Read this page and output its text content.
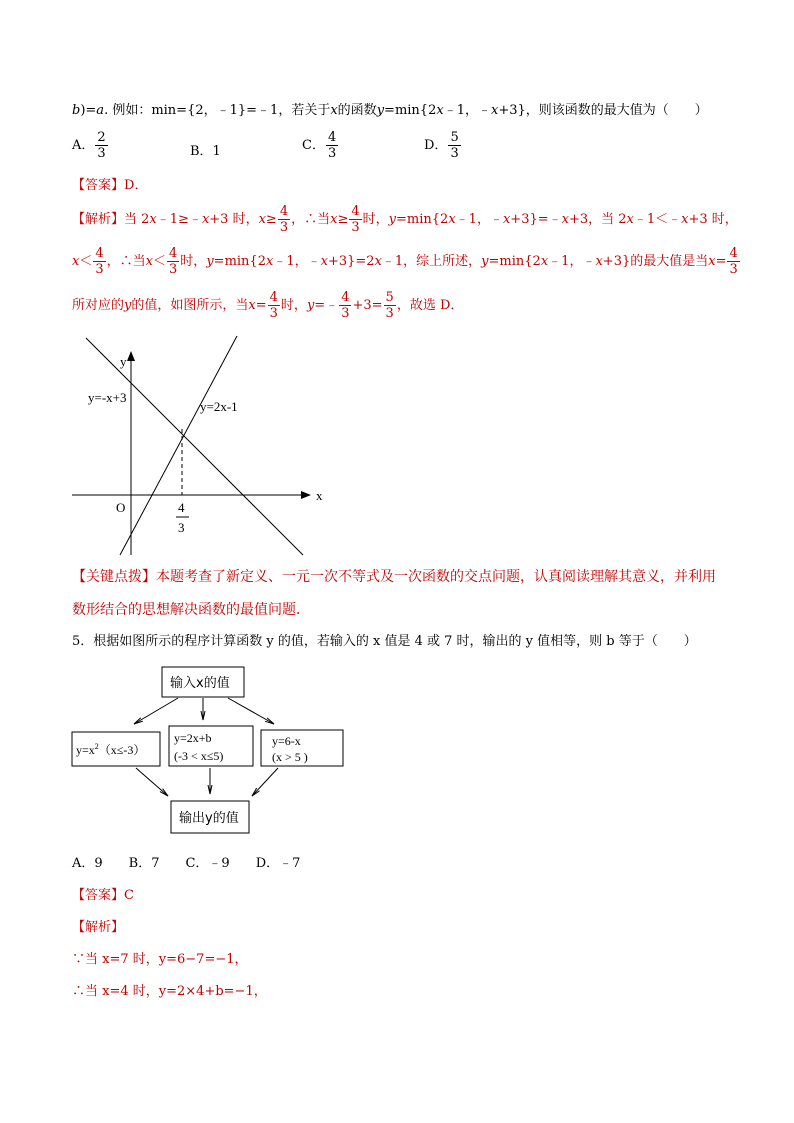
b)=a. 例如：min={2，﹣1}=﹣1，若关于x的函数y=min{2x﹣1，﹣x+3}，则该函数的最大值为（　　）
A． $\frac{2}{3}$	B．1	C． $\frac{4}{3}$	D． $\frac{5}{3}$
【答案】D．
【解析】当 2x﹣1≥﹣x+3 时，$x\ge \frac{4}{3}$ ，∴当$x\ge \frac{4}{3}$ 时，y=min{2x﹣1，﹣x+3}=﹣x+3，当 2x﹣1＜﹣x+3 时，
$x< \frac{4}{3}$ ，∴当$x< \frac{4}{3}$ 时，y=min{2x﹣1，﹣x+3}=2x﹣1，综上所述，y=min{2x﹣1，﹣x+3}的最大值是当$x= \frac{4}{3}$
所对应的y的值，如图所示，当$x= \frac{4}{3}$ 时，y=﹣ $\frac{4}{3} +3= \frac{5}{3}$ ，故选 D．
y
x
O
y=-x+3
y=2x-1
4
3
【关键点拨】本题考查了新定义、一元一次不等式及一次函数的交点问题，认真阅读理解其意义，并利用
数形结合的思想解决函数的最值问题．
5．根据如图所示的程序计算函数 y 的值，若输入的 x 值是 4 或 7 时，输出的 y 值相等，则 b 等于（　　）
输入x的值
$y=x^2(x\le-3)$
y=2x+b
(-3 < x≤5)
y=6-x
(x > 5 )
输出y的值
A．9　　B．7　　C．﹣9　　D．﹣7
【答案】C
【解析】
∵当 x=7 时，y=6−7=−1，
∴当 x=4 时，y=2×4+b=−1，
